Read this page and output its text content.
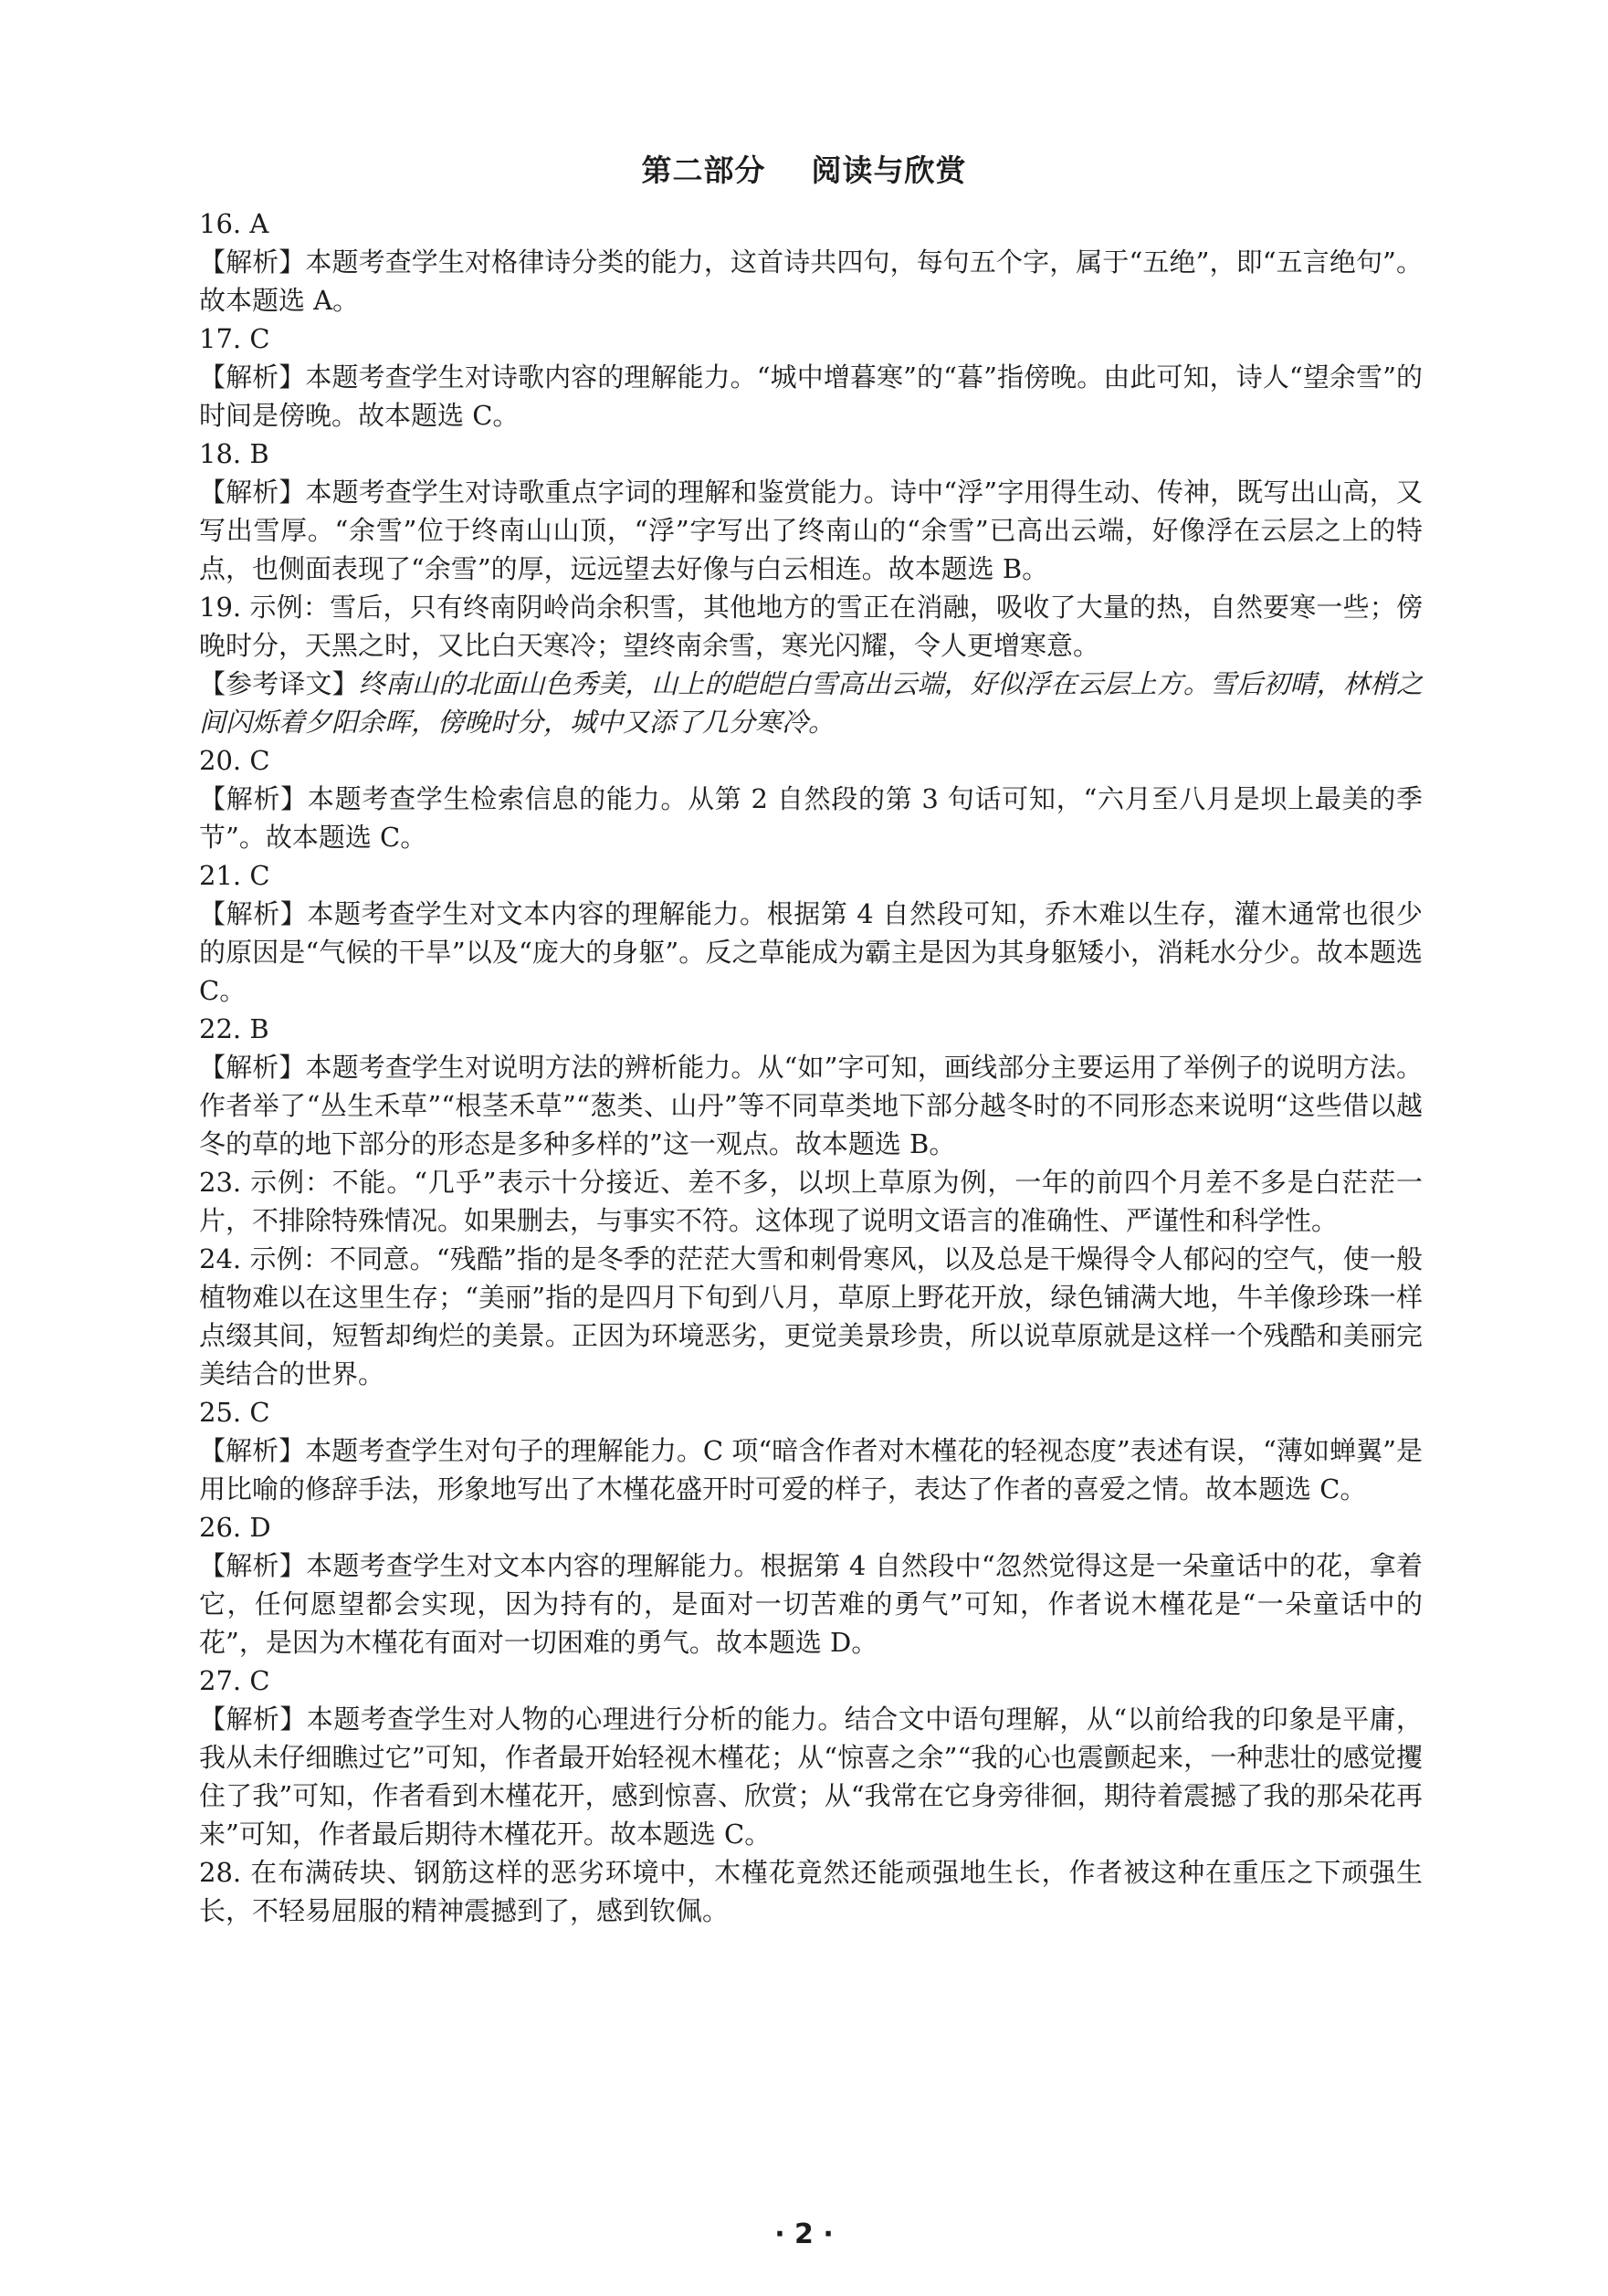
第二部分    阅读与欣赏

16. A

【解析】本题考查学生对格律诗分类的能力，这首诗共四句，每句五个字，属于“五绝”，即“五言绝句”。故本题选 A。

17. C

【解析】本题考查学生对诗歌内容的理解能力。“城中增暮寒”的“暮”指傍晚。由此可知，诗人“望余雪”的时间是傍晚。故本题选 C。

18. B

【解析】本题考查学生对诗歌重点字词的理解和鉴赏能力。诗中“浮”字用得生动、传神，既写出山高，又写出雪厚。“余雪”位于终南山山顶，“浮”字写出了终南山的“余雪”已高出云端，好像浮在云层之上的特点，也侧面表现了“余雪”的厚，远远望去好像与白云相连。故本题选 B。

19. 示例：雪后，只有终南阴岭尚余积雪，其他地方的雪正在消融，吸收了大量的热，自然要寒一些；傍晚时分，天黑之时，又比白天寒冷；望终南余雪，寒光闪耀，令人更增寒意。

【参考译文】终南山的北面山色秀美，山上的皑皑白雪高出云端，好似浮在云层上方。雪后初晴，林梢之间闪烁着夕阳余晖，傍晚时分，城中又添了几分寒冷。

20. C

【解析】本题考查学生检索信息的能力。从第 2 自然段的第 3 句话可知，“六月至八月是坝上最美的季节”。故本题选 C。

21. C

【解析】本题考查学生对文本内容的理解能力。根据第 4 自然段可知，乔木难以生存，灌木通常也很少的原因是“气候的干旱”以及“庞大的身躯”。反之草能成为霸主是因为其身躯矮小，消耗水分少。故本题选 C。

22. B

【解析】本题考查学生对说明方法的辨析能力。从“如”字可知，画线部分主要运用了举例子的说明方法。作者举了“丛生禾草”“根茎禾草”“葱类、山丹”等不同草类地下部分越冬时的不同形态来说明“这些借以越冬的草的地下部分的形态是多种多样的”这一观点。故本题选 B。

23. 示例：不能。“几乎”表示十分接近、差不多，以坝上草原为例，一年的前四个月差不多是白茫茫一片，不排除特殊情况。如果删去，与事实不符。这体现了说明文语言的准确性、严谨性和科学性。

24. 示例：不同意。“残酷”指的是冬季的茫茫大雪和刺骨寒风，以及总是干燥得令人郁闷的空气，使一般植物难以在这里生存；“美丽”指的是四月下旬到八月，草原上野花开放，绿色铺满大地，牛羊像珍珠一样点缀其间，短暂却绚烂的美景。正因为环境恶劣，更觉美景珍贵，所以说草原就是这样一个残酷和美丽完美结合的世界。

25. C

【解析】本题考查学生对句子的理解能力。C 项“暗含作者对木槿花的轻视态度”表述有误，“薄如蝉翼”是用比喻的修辞手法，形象地写出了木槿花盛开时可爱的样子，表达了作者的喜爱之情。故本题选 C。

26. D

【解析】本题考查学生对文本内容的理解能力。根据第 4 自然段中“忽然觉得这是一朵童话中的花，拿着它，任何愿望都会实现，因为持有的，是面对一切苦难的勇气”可知，作者说木槿花是“一朵童话中的花”，是因为木槿花有面对一切困难的勇气。故本题选 D。

27. C

【解析】本题考查学生对人物的心理进行分析的能力。结合文中语句理解，从“以前给我的印象是平庸，我从未仔细瞧过它”可知，作者最开始轻视木槿花；从“惊喜之余”“我的心也震颤起来，一种悲壮的感觉攫住了我”可知，作者看到木槿花开，感到惊喜、欣赏；从“我常在它身旁徘徊，期待着震撼了我的那朵花再来”可知，作者最后期待木槿花开。故本题选 C。

28. 在布满砖块、钢筋这样的恶劣环境中，木槿花竟然还能顽强地生长，作者被这种在重压之下顽强生长，不轻易屈服的精神震撼到了，感到钦佩。

· 2 ·
